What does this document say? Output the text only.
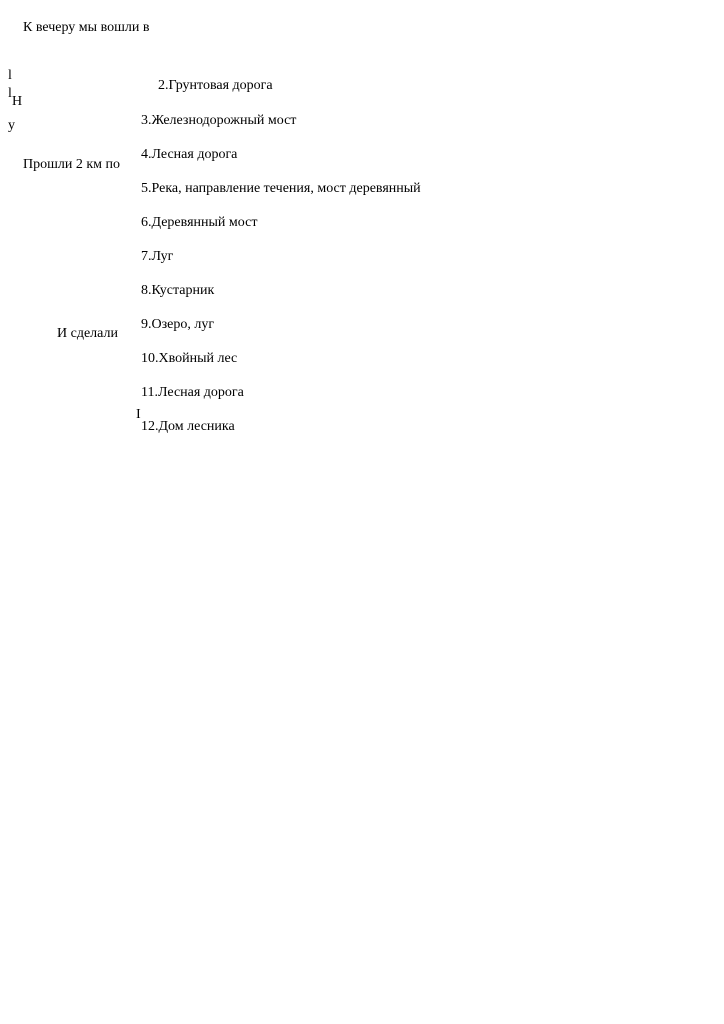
К вечеру мы вошли в
l
l
Н
у
2.Грунтовая дорога
Прошли 2 км по
И сделали
I
3.Железнодорожный мост
4.Лесная дорога
5.Река, направление течения, мост деревянный
6.Деревянный мост
7.Луг
8.Кустарник
9.Озеро, луг
10.Хвойный лес
11.Лесная дорога
12.Дом лесника
